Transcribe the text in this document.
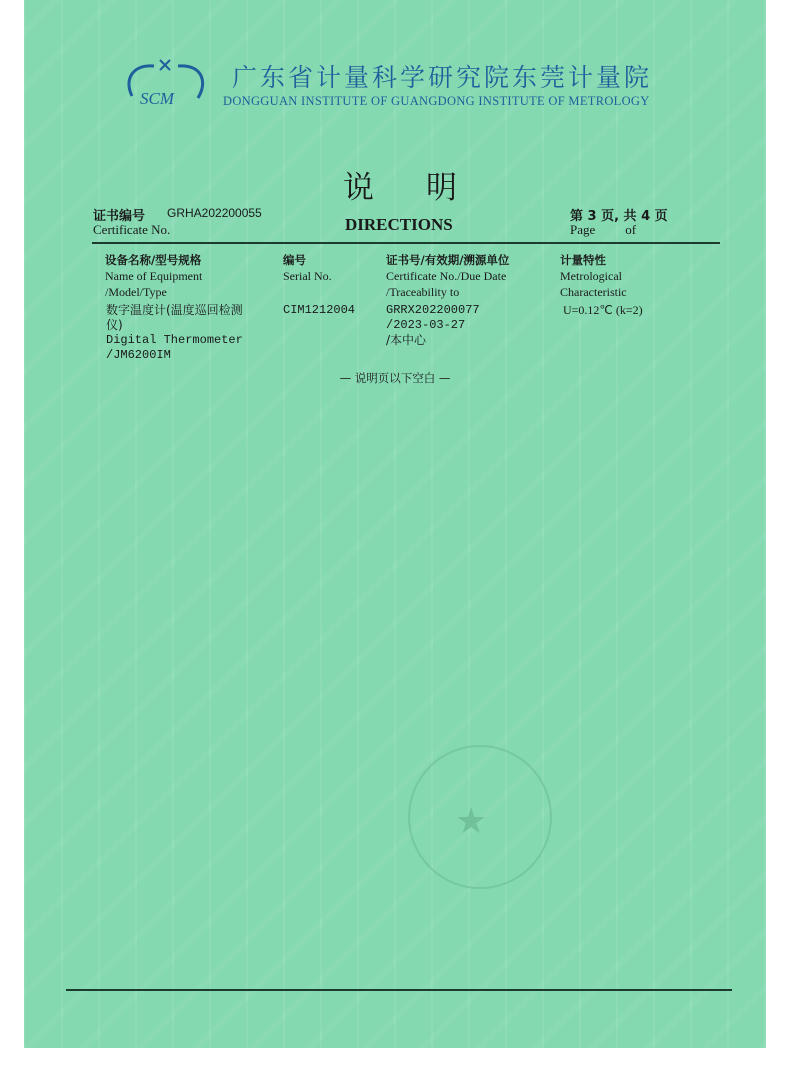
SCM
广东省计量科学研究院东莞计量院
DONGGUAN INSTITUTE OF GUANGDONG INSTITUTE OF METROLOGY
说明
DIRECTIONS
证书编号 GRHA202200055
Certificate No.
第 3 页, 共 4 页
Page of
设备名称/型号规格
Name of Equipment
/Model/Type
编号
Serial No.
证书号/有效期/溯源单位
Certificate No./Due Date
/Traceability to
计量特性
Metrological
Characteristic
数字温度计(温度巡回检测
仪)
Digital Thermometer
/JM6200IM
CIM1212004	GRRX202200077
/2023-03-27
/本中心
U=0.12℃ (k=2)
— 说明页以下空白 —
★
